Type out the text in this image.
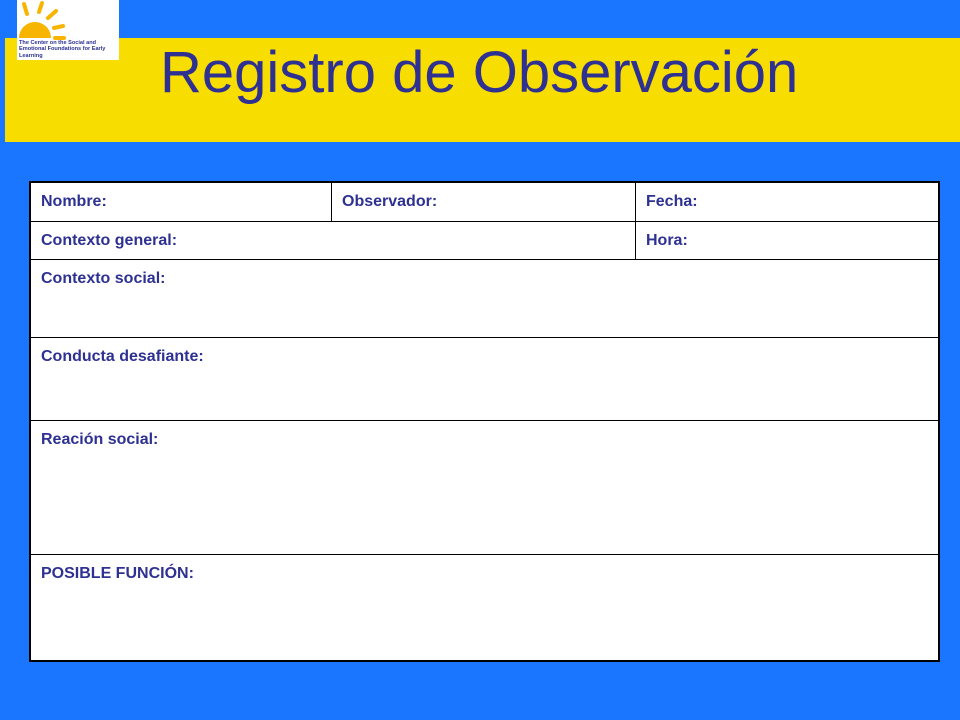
Registro de Observación
The Center on the Social and Emotional Foundations for Early Learning
Nombre:	Observador:	Fecha:
Contexto general:	Hora:
Contexto social:
Conducta desafiante:
Reación social:
POSIBLE FUNCIÓN:
